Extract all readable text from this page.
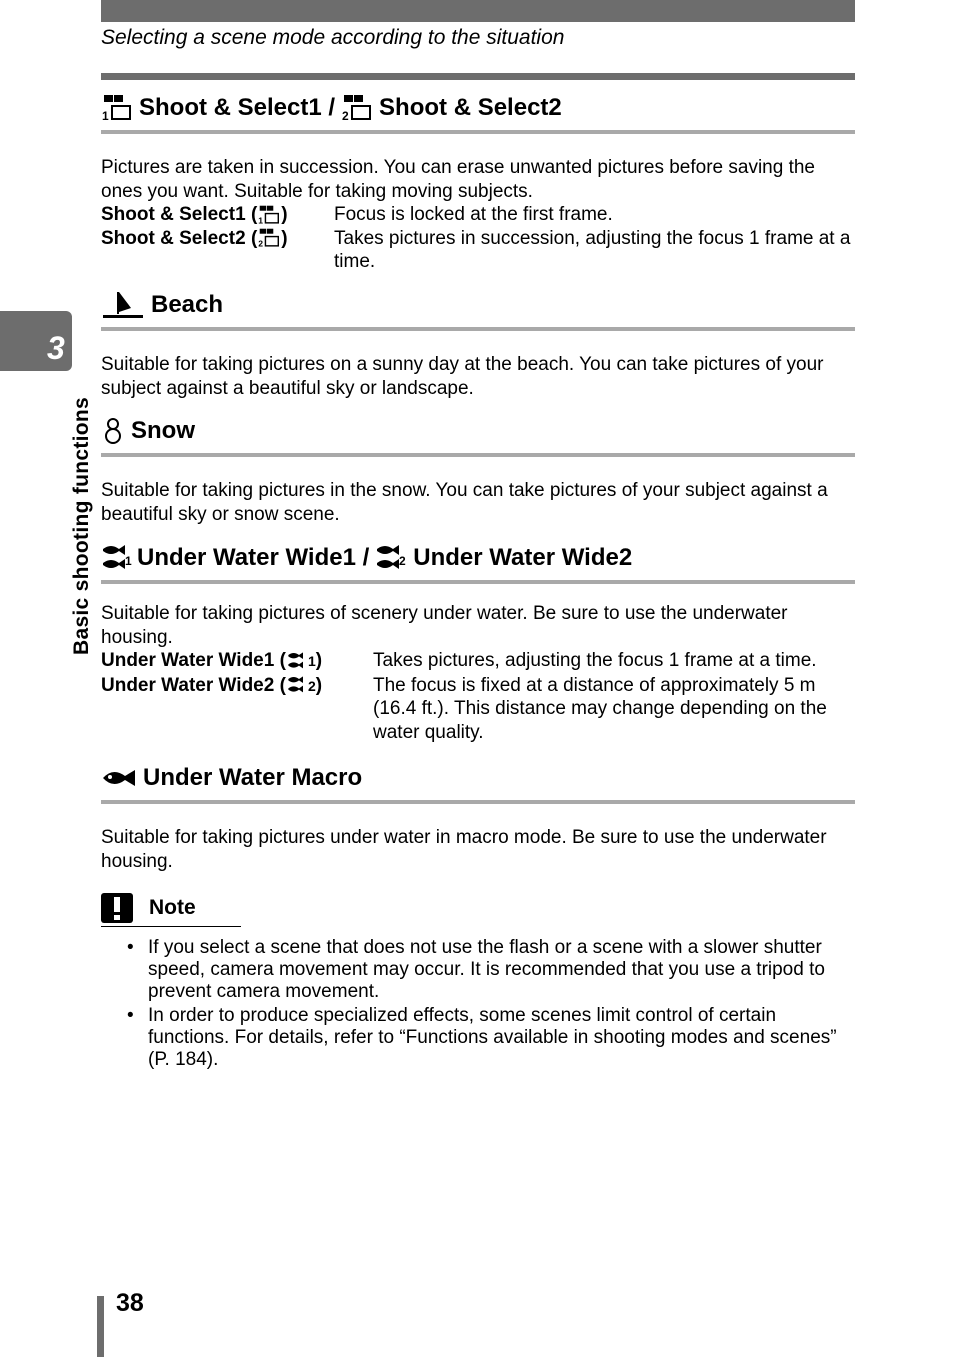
Selecting a scene mode according to the situation
3
Basic shooting functions
1 Shoot & Select1 / 2 Shoot & Select2
Pictures are taken in succession. You can erase unwanted pictures before saving the ones you want. Suitable for taking moving subjects.
Shoot & Select1 ( 1 )	Focus is locked at the first frame.
Shoot & Select2 ( 2 )	Takes pictures in succession, adjusting the focus 1 frame at a time.
Beach
Suitable for taking pictures on a sunny day at the beach. You can take pictures of your subject against a beautiful sky or landscape.
Snow
Suitable for taking pictures in the snow. You can take pictures of your subject against a beautiful sky or snow scene.
1 Under Water Wide1 /	2 Under Water Wide2
Suitable for taking pictures of scenery under water. Be sure to use the underwater housing.
Under Water Wide1 ( 1)	Takes pictures, adjusting the focus 1 frame at a time.
Under Water Wide2 ( 2)	The focus is fixed at a distance of approximately 5 m (16.4 ft.). This distance may change depending on the water quality.
Under Water Macro
Suitable for taking pictures under water in macro mode. Be sure to use the underwater housing.
Note
• If you select a scene that does not use the flash or a scene with a slower shutter speed, camera movement may occur. It is recommended that you use a tripod to prevent camera movement.
• In order to produce specialized effects, some scenes limit control of certain functions. For details, refer to “Functions available in shooting modes and scenes” (P. 184).
38
